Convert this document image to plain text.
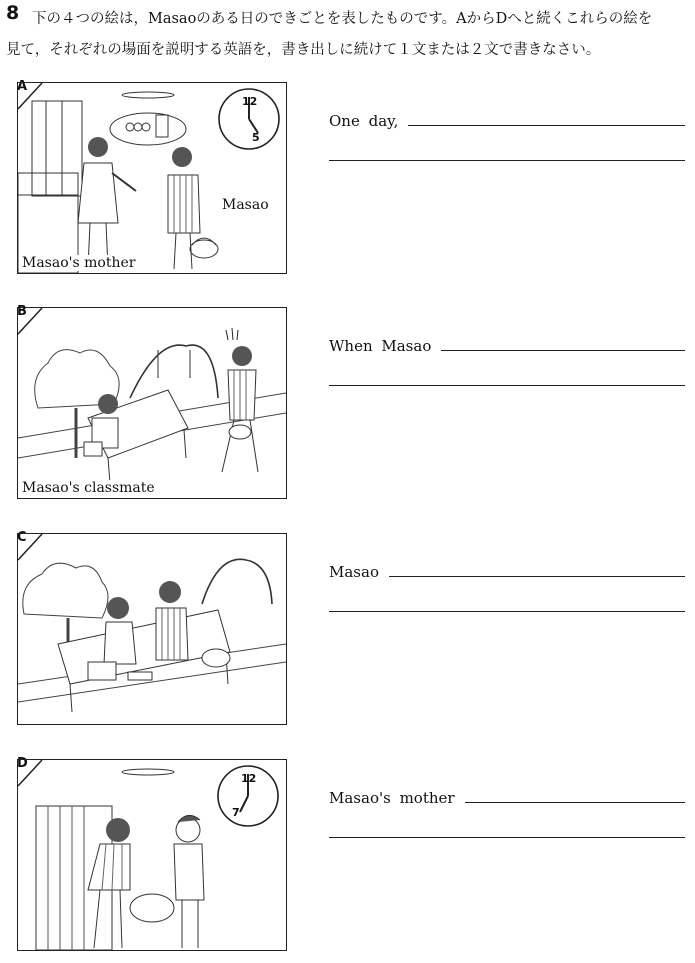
8 下の４つの絵は，Masaoのある日のできごとを表したものです。AからDへと続くこれらの絵を
見て，それぞれの場面を説明する英語を，書き出しに続けて１文または２文で書きなさい。
A
12
5
Masao's mother
Masao
One day,
B
Masao's classmate
When Masao
C
Masao
D
12
7
Masao's mother
